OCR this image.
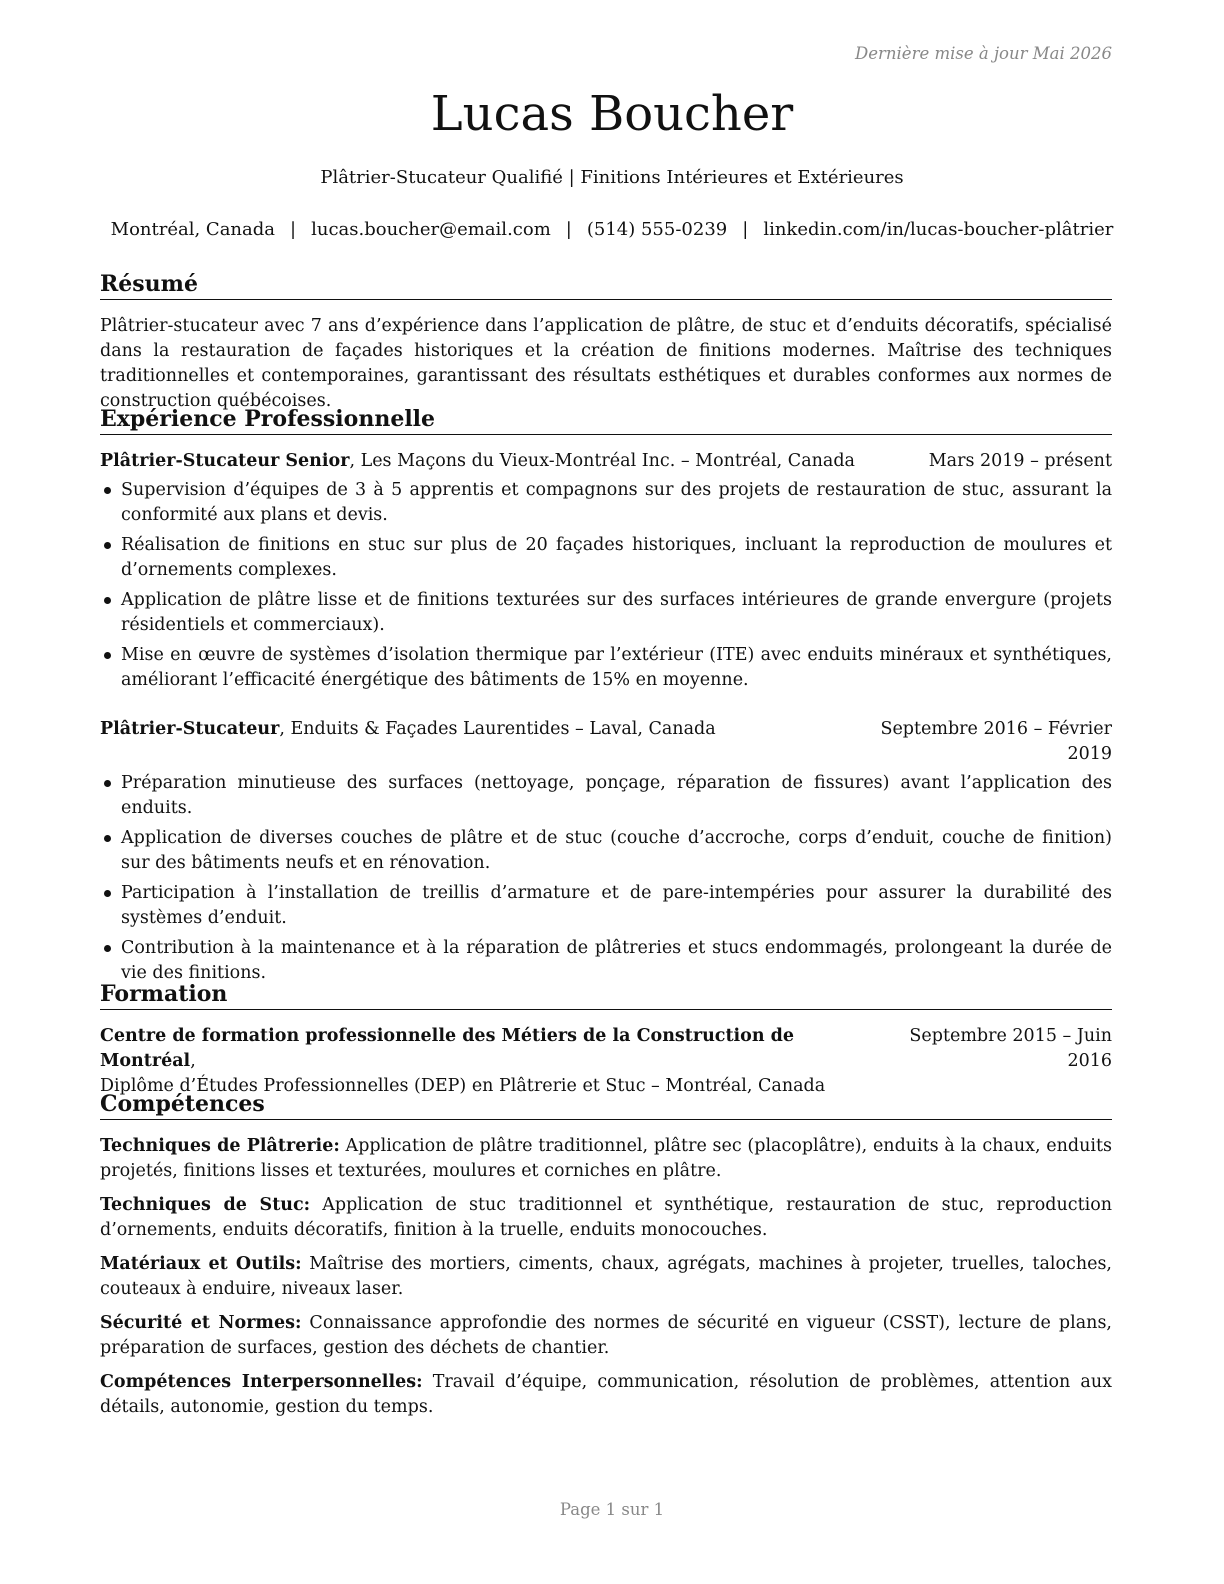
Dernière mise à jour Mai 2026
Lucas Boucher
Plâtrier-Stucateur Qualifié | Finitions Intérieures et Extérieures
Montréal, Canada | lucas.boucher@email.com | (514) 555-0239 | linkedin.com/in/lucas-boucher-plâtrier
Résumé
Plâtrier-stucateur avec 7 ans d’expérience dans l’application de plâtre, de stuc et d’enduits décoratifs, spécialisé dans la restauration de façades historiques et la création de finitions modernes. Maîtrise des techniques traditionnelles et contemporaines, garantissant des résultats esthétiques et durables conformes aux normes de construction québécoises.
Expérience Professionnelle
Plâtrier-Stucateur Senior, Les Maçons du Vieux-Montréal Inc. – Montréal, Canada	Mars 2019 – présent
Supervision d’équipes de 3 à 5 apprentis et compagnons sur des projets de restauration de stuc, assurant la conformité aux plans et devis.
Réalisation de finitions en stuc sur plus de 20 façades historiques, incluant la reproduction de moulures et d’ornements complexes.
Application de plâtre lisse et de finitions texturées sur des surfaces intérieures de grande envergure (projets résidentiels et commerciaux).
Mise en œuvre de systèmes d’isolation thermique par l’extérieur (ITE) avec enduits minéraux et synthétiques, améliorant l’efficacité énergétique des bâtiments de 15% en moyenne.
Plâtrier-Stucateur, Enduits & Façades Laurentides – Laval, Canada	Septembre 2016 – Février 2019
Préparation minutieuse des surfaces (nettoyage, ponçage, réparation de fissures) avant l’application des enduits.
Application de diverses couches de plâtre et de stuc (couche d’accroche, corps d’enduit, couche de finition) sur des bâtiments neufs et en rénovation.
Participation à l’installation de treillis d’armature et de pare-intempéries pour assurer la durabilité des systèmes d’enduit.
Contribution à la maintenance et à la réparation de plâtreries et stucs endommagés, prolongeant la durée de vie des finitions.
Formation
Centre de formation professionnelle des Métiers de la Construction de Montréal,
Diplôme d’Études Professionnelles (DEP) en Plâtrerie et Stuc – Montréal, Canada
Septembre 2015 – Juin 2016
Compétences
Techniques de Plâtrerie: Application de plâtre traditionnel, plâtre sec (placoplâtre), enduits à la chaux, enduits projetés, finitions lisses et texturées, moulures et corniches en plâtre.
Techniques de Stuc: Application de stuc traditionnel et synthétique, restauration de stuc, reproduction d’ornements, enduits décoratifs, finition à la truelle, enduits monocouches.
Matériaux et Outils: Maîtrise des mortiers, ciments, chaux, agrégats, machines à projeter, truelles, taloches, couteaux à enduire, niveaux laser.
Sécurité et Normes: Connaissance approfondie des normes de sécurité en vigueur (CSST), lecture de plans, préparation de surfaces, gestion des déchets de chantier.
Compétences Interpersonnelles: Travail d’équipe, communication, résolution de problèmes, attention aux détails, autonomie, gestion du temps.
Page 1 sur 1
